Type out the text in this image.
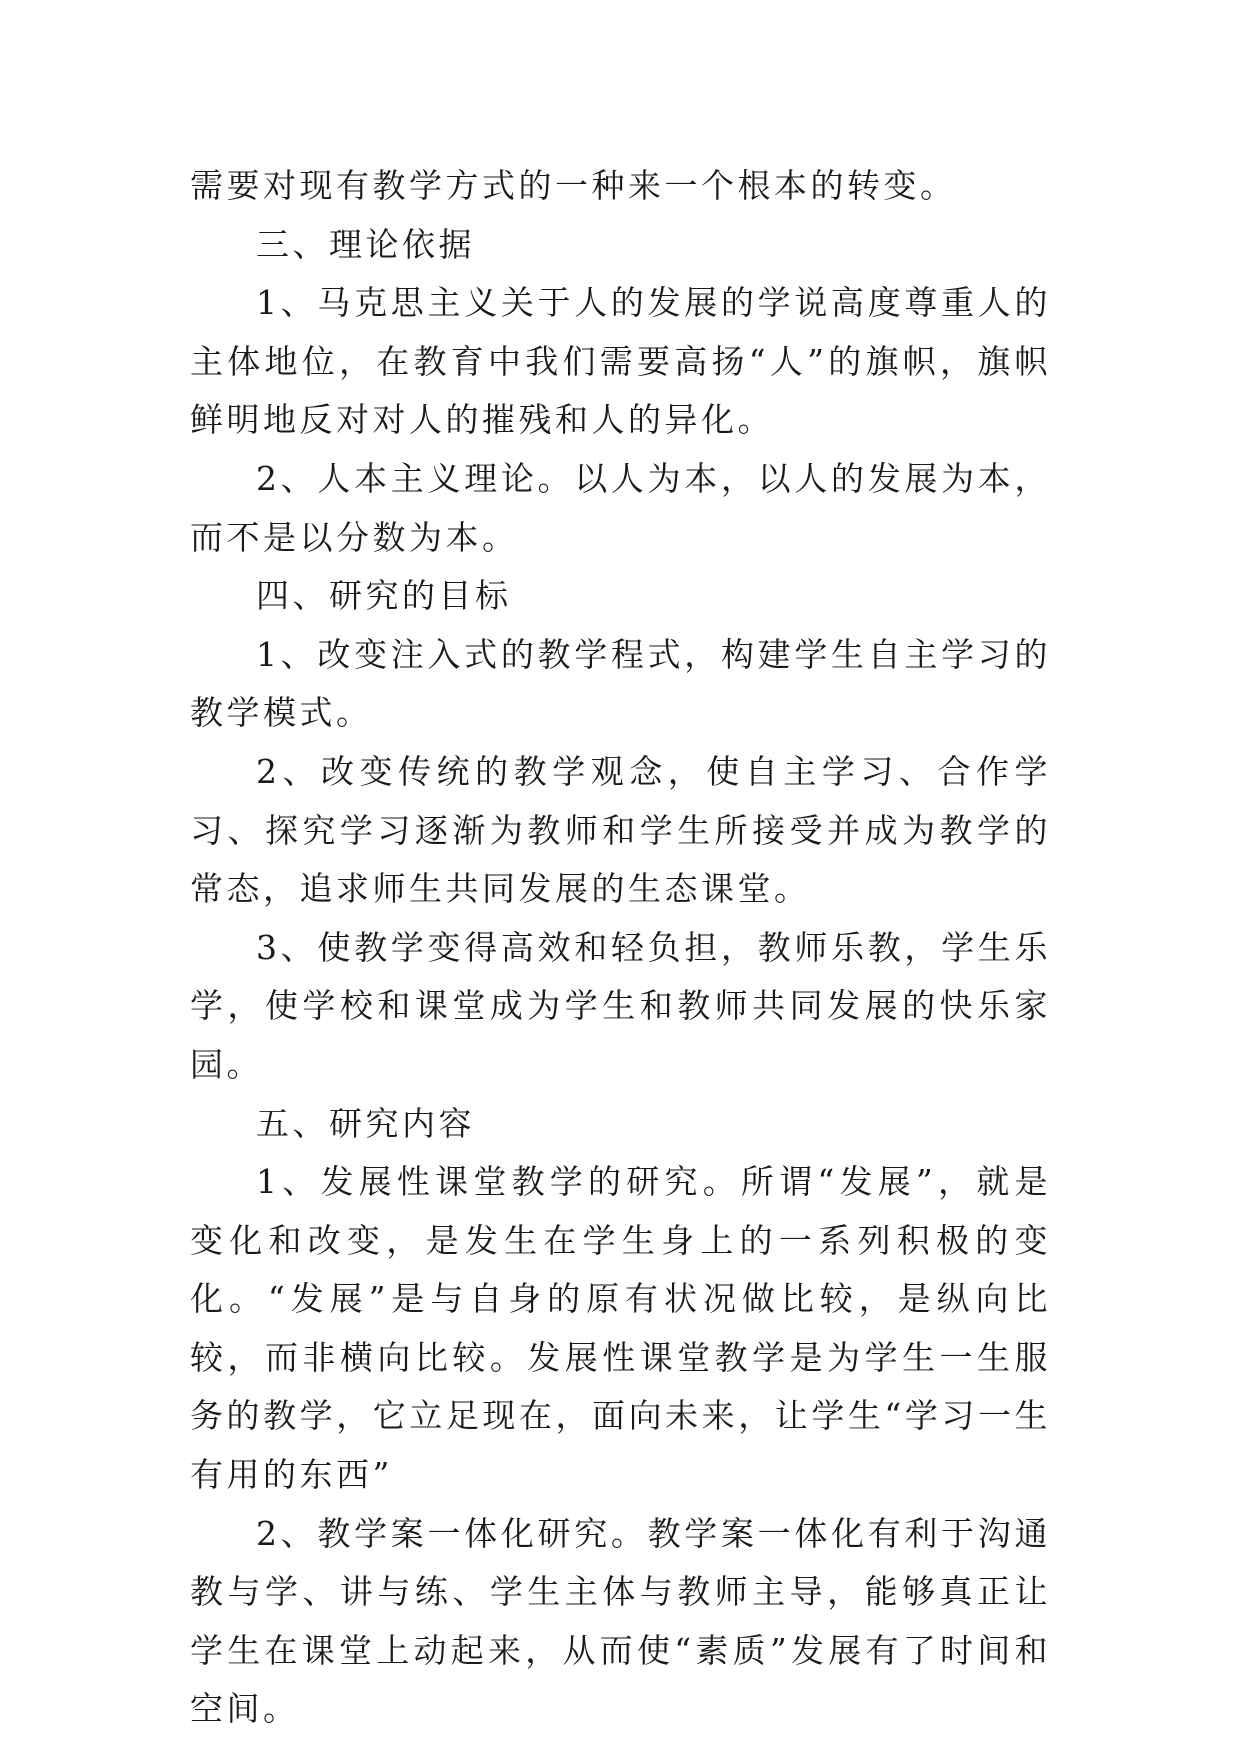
需要对现有教学方式的一种来一个根本的转变。

三、理论依据

1、马克思主义关于人的发展的学说高度尊重人的主体地位，在教育中我们需要高扬“人”的旗帜，旗帜鲜明地反对对人的摧残和人的异化。

2、人本主义理论。以人为本，以人的发展为本，而不是以分数为本。

四、研究的目标

1、改变注入式的教学程式，构建学生自主学习的教学模式。

2、改变传统的教学观念，使自主学习、合作学习、探究学习逐渐为教师和学生所接受并成为教学的常态，追求师生共同发展的生态课堂。

3、使教学变得高效和轻负担，教师乐教，学生乐学，使学校和课堂成为学生和教师共同发展的快乐家园。

五、研究内容

1、发展性课堂教学的研究。所谓“发展”，就是变化和改变，是发生在学生身上的一系列积极的变化。“发展”是与自身的原有状况做比较，是纵向比较，而非横向比较。发展性课堂教学是为学生一生服务的教学，它立足现在，面向未来，让学生“学习一生有用的东西”

2、教学案一体化研究。教学案一体化有利于沟通教与学、讲与练、学生主体与教师主导，能够真正让学生在课堂上动起来，从而使“素质”发展有了时间和空间。
